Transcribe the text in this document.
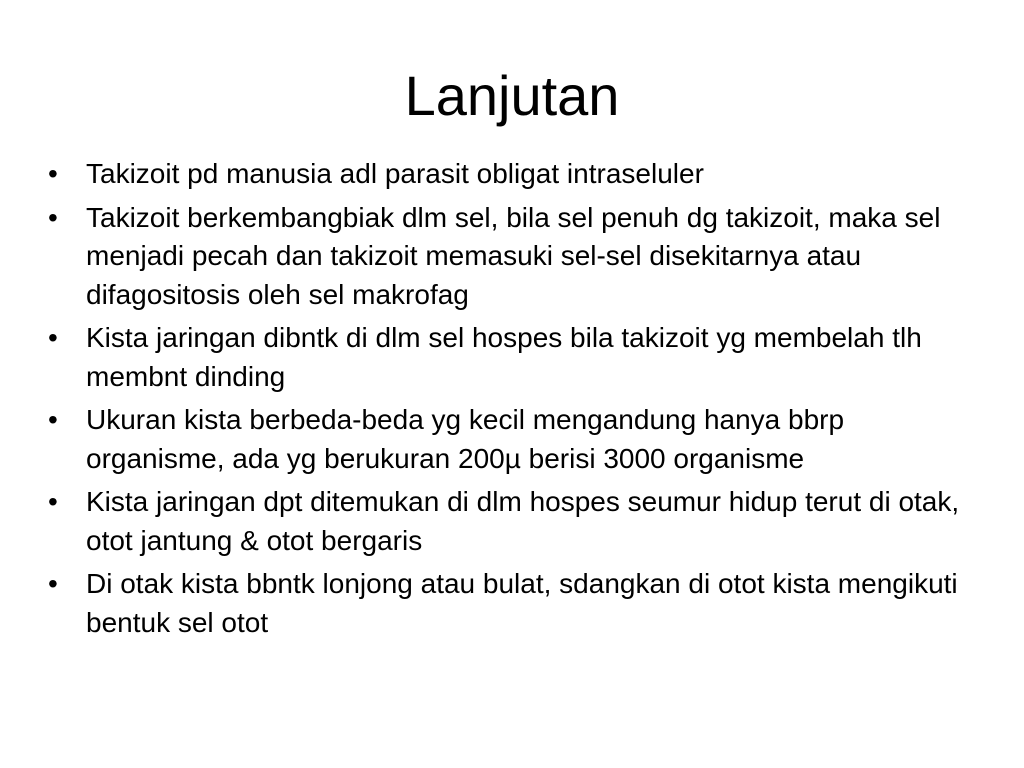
Lanjutan
•	Takizoit pd manusia adl parasit obligat intraseluler
•	Takizoit berkembangbiak dlm sel, bila sel penuh dg takizoit, maka sel menjadi pecah dan takizoit memasuki sel-sel disekitarnya atau difagositosis oleh sel makrofag
•	Kista jaringan dibntk di dlm sel hospes bila takizoit yg membelah tlh membnt dinding
•	Ukuran kista berbeda-beda yg kecil mengandung hanya bbrp organisme, ada yg berukuran 200µ berisi 3000 organisme
•	Kista jaringan dpt ditemukan di dlm hospes seumur hidup terut di otak, otot jantung & otot bergaris
•	Di otak kista bbntk lonjong atau bulat, sdangkan di otot kista mengikuti bentuk sel otot
